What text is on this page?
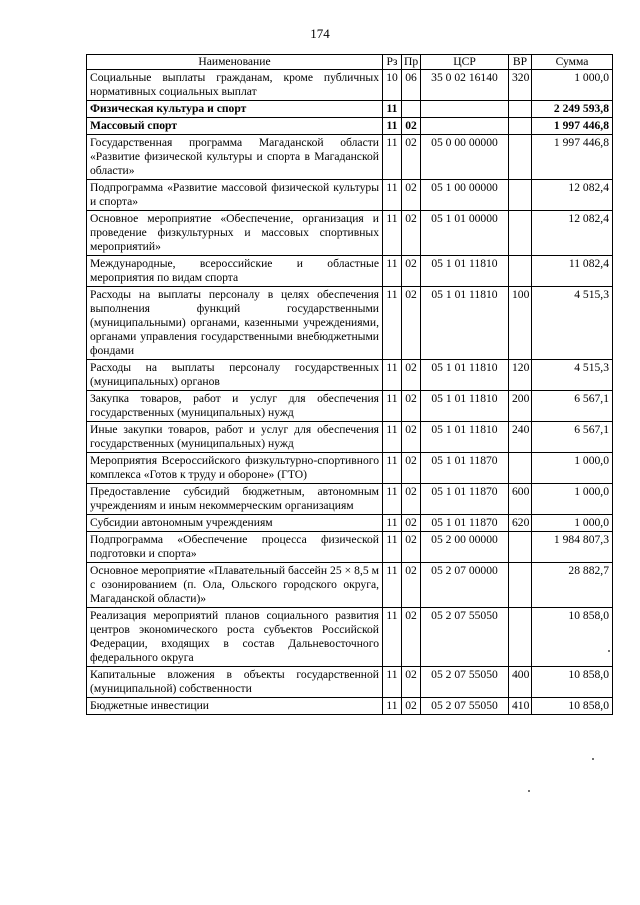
174
Наименование	Рз	Пр	ЦСР	ВР	Сумма
Социальные выплаты гражданам, кроме публичных нормативных социальных выплат	10	06	35 0 02 16140	320	1 000,0
Физическая культура и спорт	11				2 249 593,8
Массовый спорт	11	02			1 997 446,8
Государственная программа Магаданской области «Развитие физической культуры и спорта в Магаданской области»	11	02	05 0 00 00000		1 997 446,8
Подпрограмма «Развитие массовой физической культуры и спорта»	11	02	05 1 00 00000		12 082,4
Основное мероприятие «Обеспечение, организация и проведение физкультурных и массовых спортивных мероприятий»	11	02	05 1 01 00000		12 082,4
Международные, всероссийские и областные мероприятия по видам спорта	11	02	05 1 01 11810		11 082,4
Расходы на выплаты персоналу в целях обеспечения выполнения функций государственными (муниципальными) органами, казенными учреждениями, органами управления государственными внебюджетными фондами	11	02	05 1 01 11810	100	4 515,3
Расходы на выплаты персоналу государственных (муниципальных) органов	11	02	05 1 01 11810	120	4 515,3
Закупка товаров, работ и услуг для обеспечения государственных (муниципальных) нужд	11	02	05 1 01 11810	200	6 567,1
Иные закупки товаров, работ и услуг для обеспечения государственных (муниципальных) нужд	11	02	05 1 01 11810	240	6 567,1
Мероприятия Всероссийского физкультурно-спортивного комплекса «Готов к труду и обороне» (ГТО)	11	02	05 1 01 11870		1 000,0
Предоставление субсидий бюджетным, автономным учреждениям и иным некоммерческим организациям	11	02	05 1 01 11870	600	1 000,0
Субсидии автономным учреждениям	11	02	05 1 01 11870	620	1 000,0
Подпрограмма «Обеспечение процесса физической подготовки и спорта»	11	02	05 2 00 00000		1 984 807,3
Основное мероприятие «Плавательный бассейн 25 × 8,5 м с озонированием (п. Ола, Ольского городского округа, Магаданской области)»	11	02	05 2 07 00000		28 882,7
Реализация мероприятий планов социального развития центров экономического роста субъектов Российской Федерации, входящих в состав Дальневосточного федерального округа	11	02	05 2 07 55050		10 858,0
Капитальные вложения в объекты государственной (муниципальной) собственности	11	02	05 2 07 55050	400	10 858,0
Бюджетные инвестиции	11	02	05 2 07 55050	410	10 858,0
